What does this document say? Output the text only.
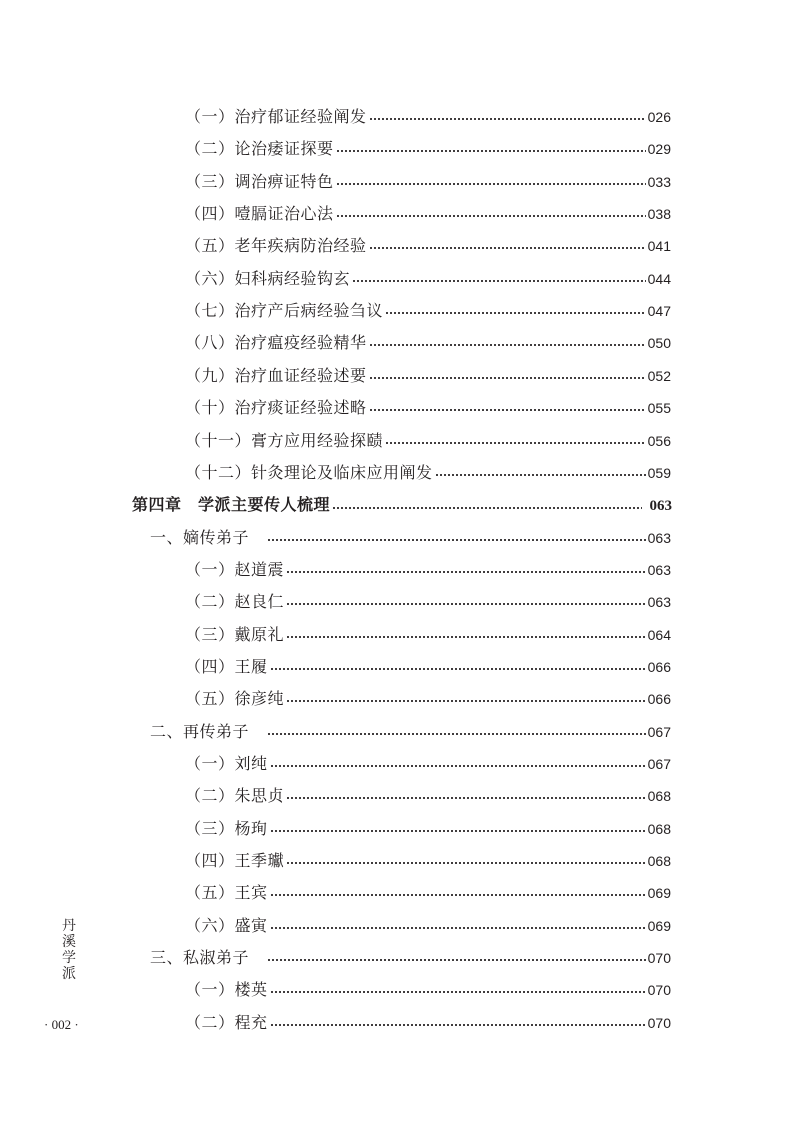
（一）治疗郁证经验阐发	026
（二）论治痿证探要	029
（三）调治痹证特色	033
（四）噎膈证治心法	038
（五）老年疾病防治经验	041
（六）妇科病经验钩玄	044
（七）治疗产后病经验刍议	047
（八）治疗瘟疫经验精华	050
（九）治疗血证经验述要	052
（十）治疗痰证经验述略	055
（十一）膏方应用经验探赜	056
（十二）针灸理论及临床应用阐发	059
第四章　学派主要传人梳理	063
一、嫡传弟子	063
（一）赵道震	063
（二）赵良仁	063
（三）戴原礼	064
（四）王履	066
（五）徐彦纯	066
二、再传弟子	067
（一）刘纯	067
（二）朱思贞	068
（三）杨珣	068
（四）王季瓛	068
（五）王宾	069
（六）盛寅	069
三、私淑弟子	070
（一）楼英	070
（二）程充	070
丹溪学派
· 002 ·
